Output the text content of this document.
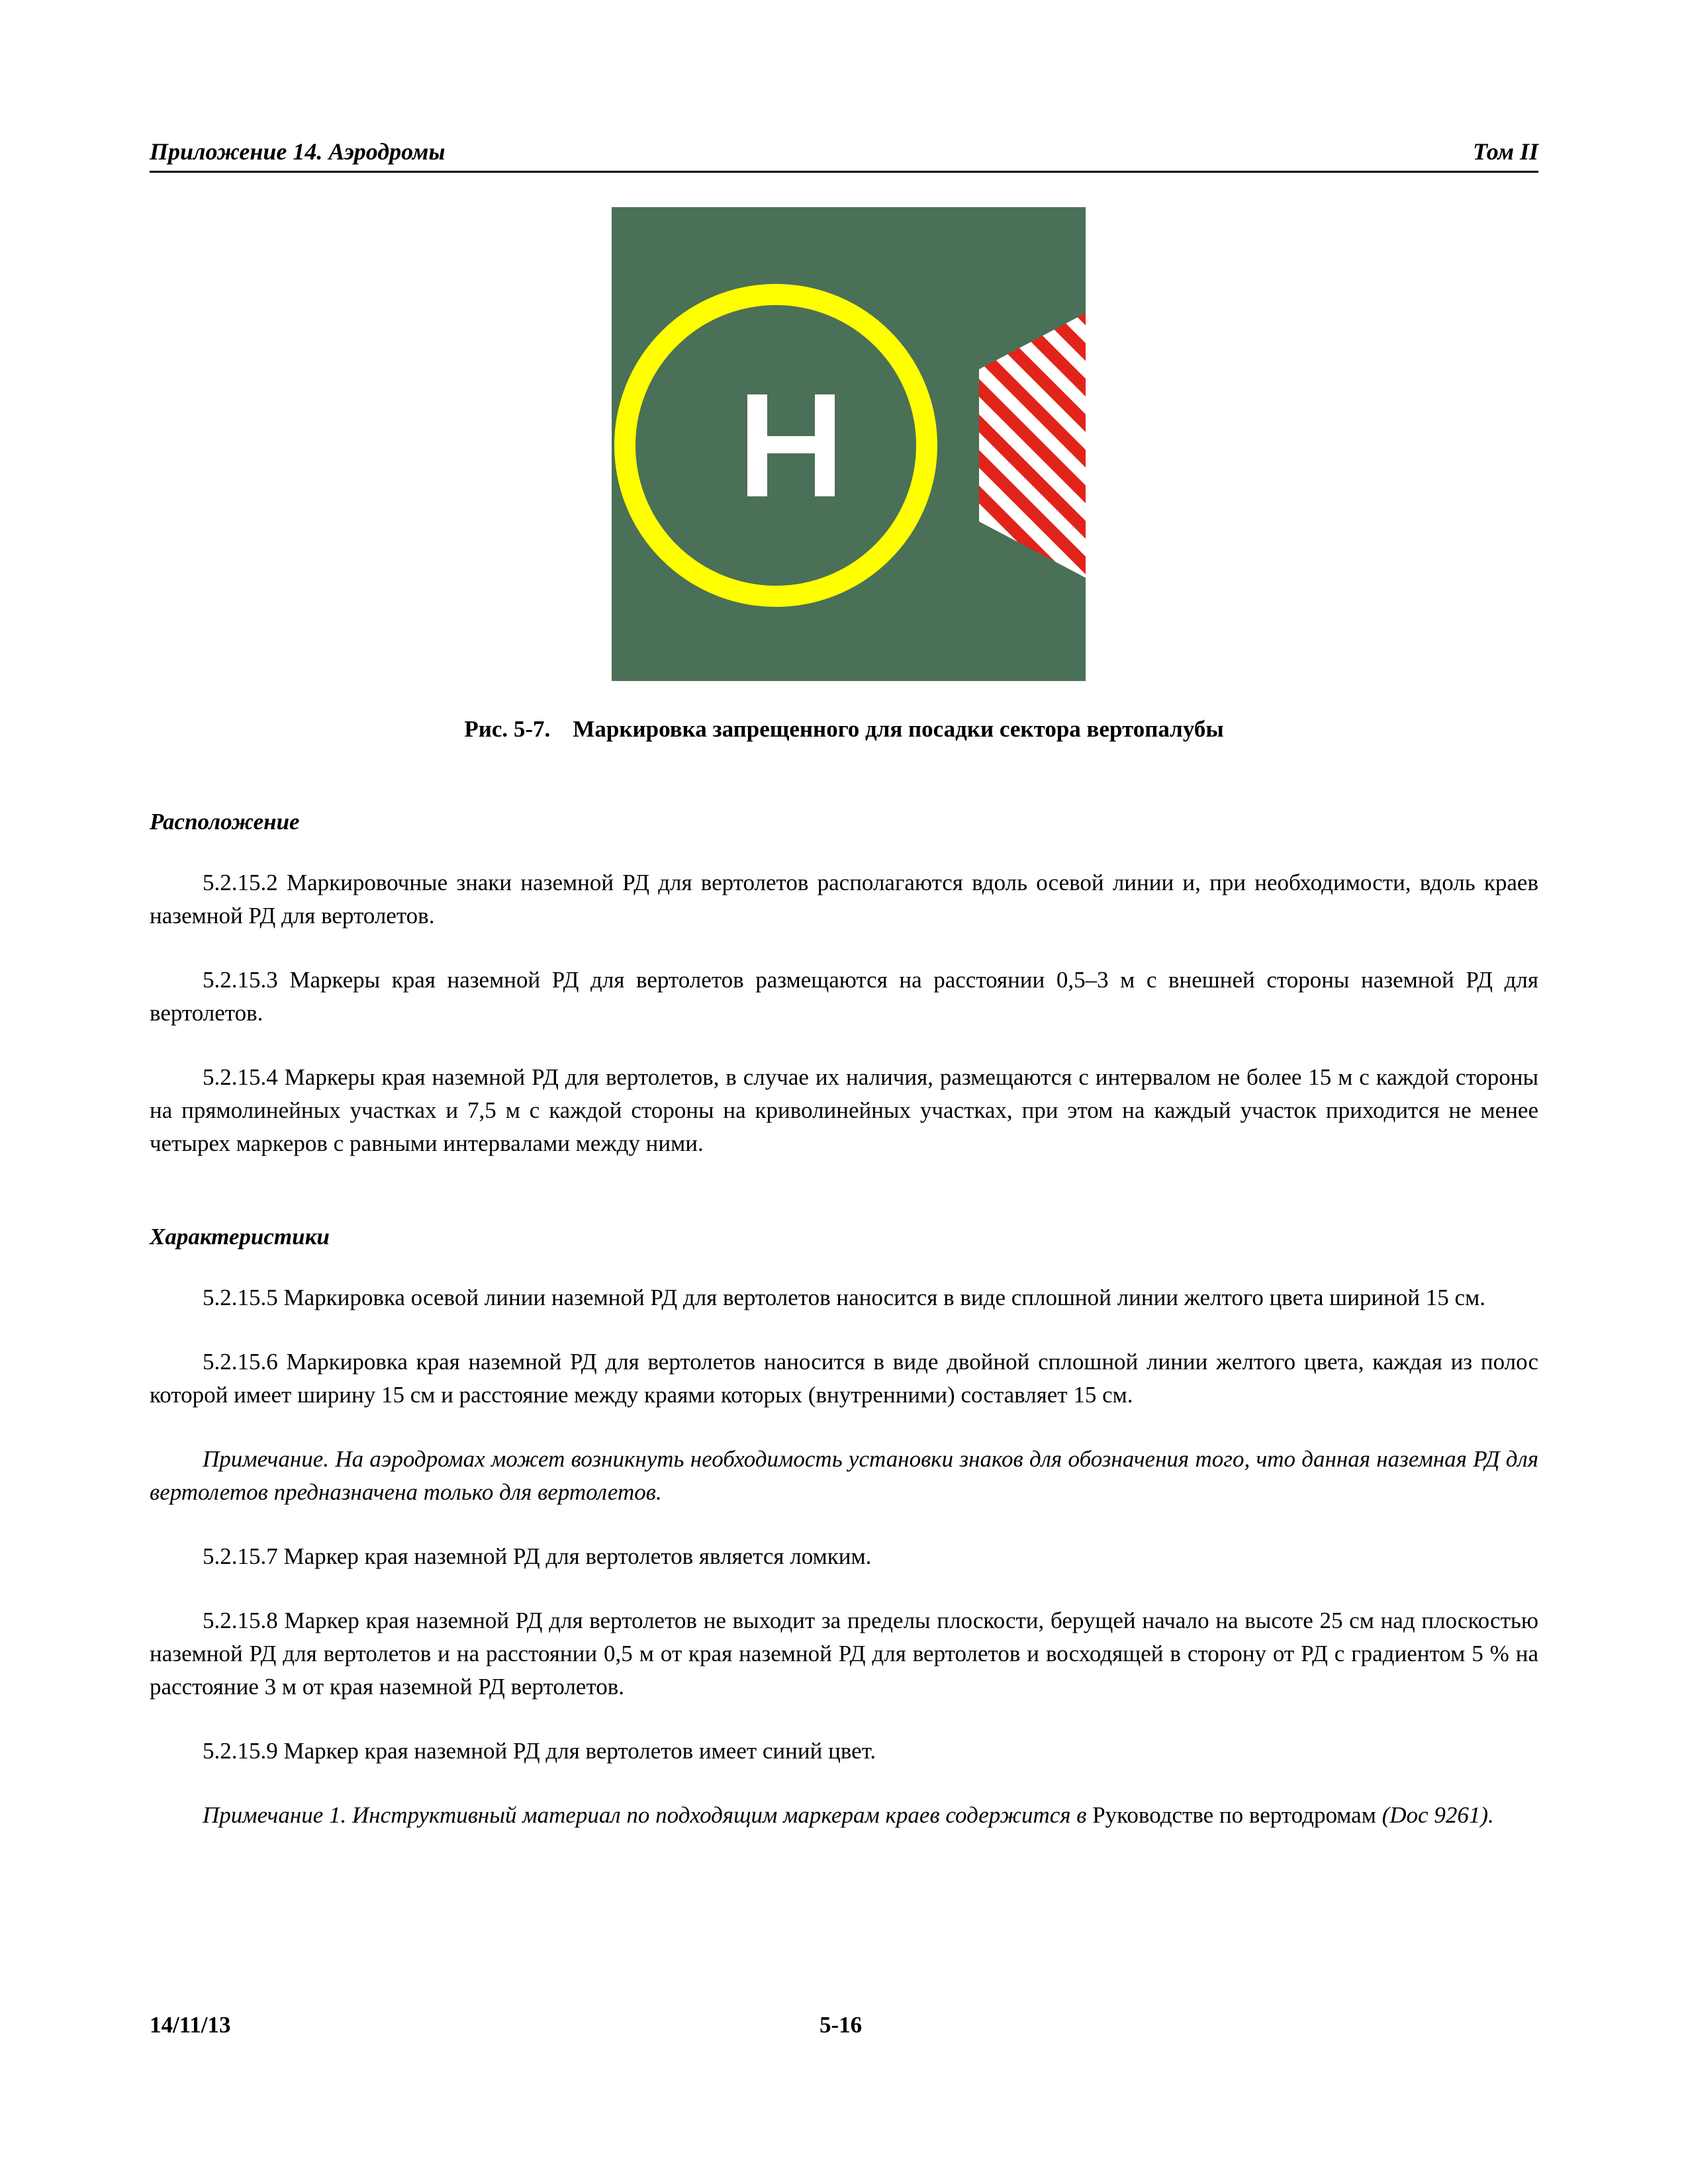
Приложение 14. Аэродромы	Том II
Рис. 5-7. Маркировка запрещенного для посадки сектора вертопалубы
Расположение

5.2.15.2 Маркировочные знаки наземной РД для вертолетов располагаются вдоль осевой линии и, при необходимости, вдоль краев наземной РД для вертолетов.

5.2.15.3 Маркеры края наземной РД для вертолетов размещаются на расстоянии 0,5–3 м с внешней стороны наземной РД для вертолетов.

5.2.15.4 Маркеры края наземной РД для вертолетов, в случае их наличия, размещаются с интервалом не более 15 м с каждой стороны на прямолинейных участках и 7,5 м с каждой стороны на криволинейных участках, при этом на каждый участок приходится не менее четырех маркеров с равными интервалами между ними.

Характеристики

5.2.15.5 Маркировка осевой линии наземной РД для вертолетов наносится в виде сплошной линии желтого цвета шириной 15 см.

5.2.15.6 Маркировка края наземной РД для вертолетов наносится в виде двойной сплошной линии желтого цвета, каждая из полос которой имеет ширину 15 см и расстояние между краями которых (внутренними) составляет 15 см.

Примечание. На аэродромах может возникнуть необходимость установки знаков для обозначения того, что данная наземная РД для вертолетов предназначена только для вертолетов.

5.2.15.7 Маркер края наземной РД для вертолетов является ломким.

5.2.15.8 Маркер края наземной РД для вертолетов не выходит за пределы плоскости, берущей начало на высоте 25 см над плоскостью наземной РД для вертолетов и на расстоянии 0,5 м от края наземной РД для вертолетов и восходящей в сторону от РД с градиентом 5 % на расстояние 3 м от края наземной РД вертолетов.

5.2.15.9 Маркер края наземной РД для вертолетов имеет синий цвет.

Примечание 1. Инструктивный материал по подходящим маркерам краев содержится в Руководстве по вертодромам (Doc 9261).

14/11/13	5-16
